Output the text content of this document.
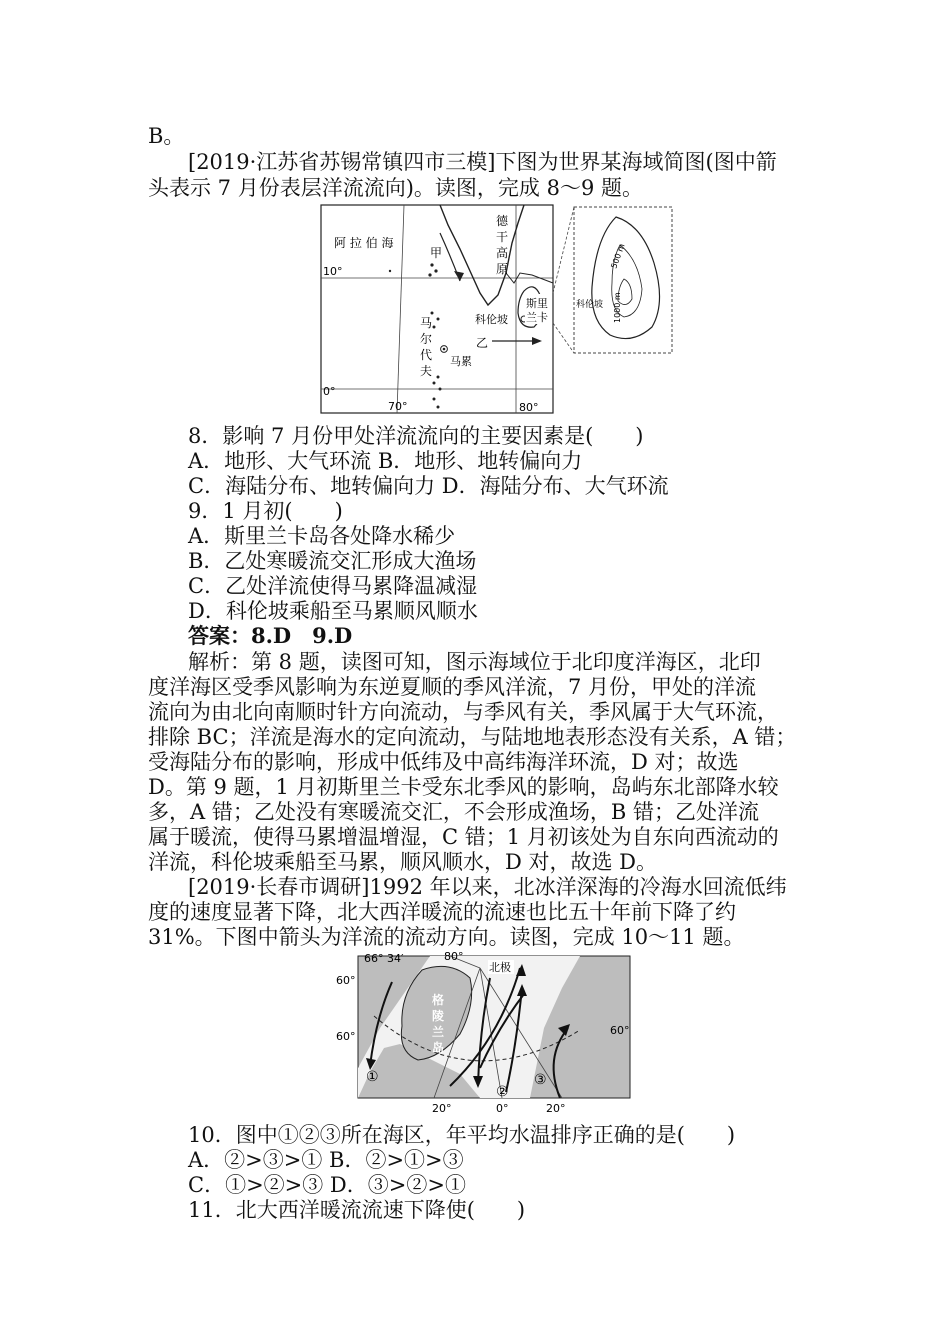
B。
[2019·江苏省苏锡常镇四市三模]下图为世界某海域简图(图中箭
头表示 7 月份表层洋流流向)。读图，完成 8～9 题。
阿 拉 伯 海
甲
德
干
高
原
10°
0°
70°	80°
斯里
兰卡
科伦坡
乙
马
尔
代
夫
马累
500 m
1000 m
科伦坡
8．影响 7 月份甲处洋流流向的主要因素是(　　)
A．地形、大气环流 B．地形、地转偏向力
C．海陆分布、地转偏向力 D．海陆分布、大气环流
9．1 月初(　　)
A．斯里兰卡岛各处降水稀少
B．乙处寒暖流交汇形成大渔场
C．乙处洋流使得马累降温减湿
D．科伦坡乘船至马累顺风顺水
答案：8.D　9.D
解析：第 8 题，读图可知，图示海域位于北印度洋海区，北印
度洋海区受季风影响为东逆夏顺的季风洋流，7 月份，甲处的洋流
流向为由北向南顺时针方向流动，与季风有关，季风属于大气环流，
排除 BC；洋流是海水的定向流动，与陆地地表形态没有关系，A 错；
受海陆分布的影响，形成中低纬及中高纬海洋环流，D 对；故选
D。第 9 题，1 月初斯里兰卡受东北季风的影响，岛屿东北部降水较
多，A 错；乙处没有寒暖流交汇，不会形成渔场，B 错；乙处洋流
属于暖流，使得马累增温增湿，C 错；1 月初该处为自东向西流动的
洋流，科伦坡乘船至马累，顺风顺水，D 对，故选 D。
[2019·长春市调研]1992 年以来，北冰洋深海的冷海水回流低纬
度的速度显著下降，北大西洋暖流的流速也比五十年前下降了约
31%。下图中箭头为洋流的流动方向。读图，完成 10～11 题。
66° 34′	80°
北极
60°
60°	60°
格
陵
兰
岛
①
②
③
20°	0°	20°
10．图中①②③所在海区，年平均水温排序正确的是(　　)
A．②>③>① B．②>①>③
C．①>②>③ D．③>②>①
11．北大西洋暖流流速下降使(　　)
